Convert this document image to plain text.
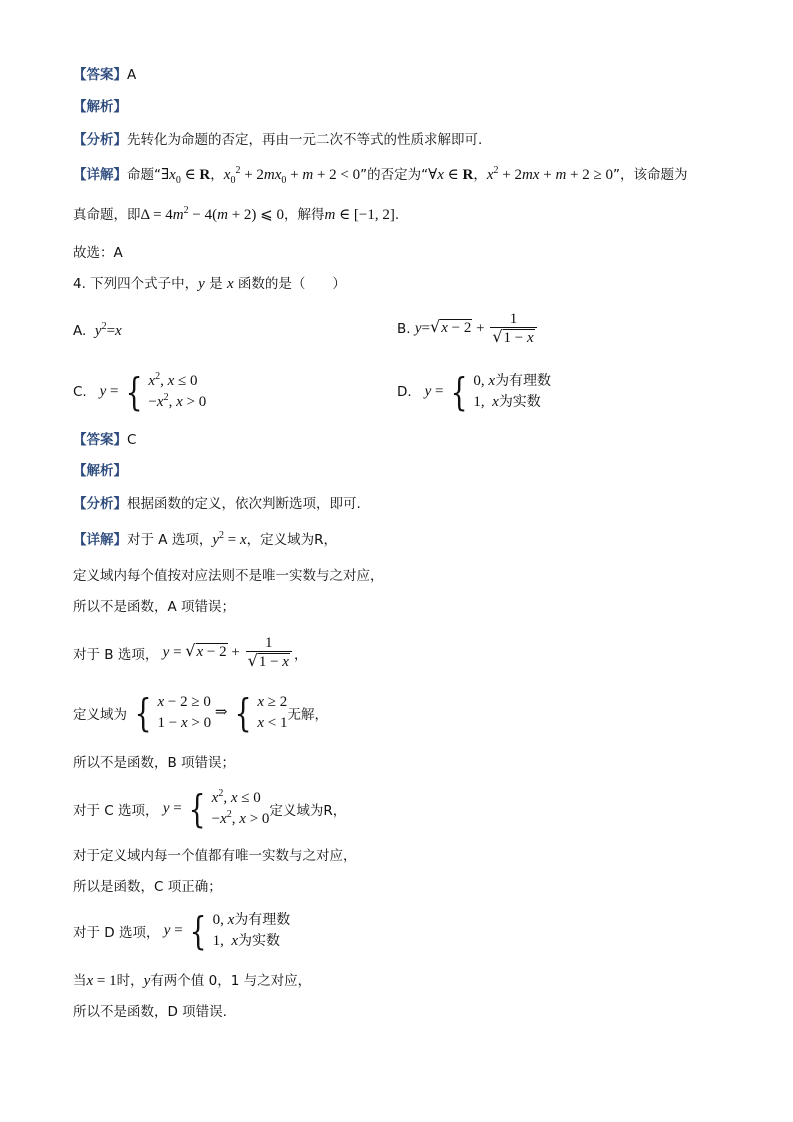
【答案】A
【解析】
【分析】先转化为命题的否定，再由一元二次不等式的性质求解即可.
【详解】命题“$\exists x_0$ ∈ R，$x_0^2 + 2mx_0 + m + 2 < 0$”的否定为“∀x ∈ R，$x^2 + 2mx + m + 2 \ge 0$”，该命题为
真命题，即$\Delta = 4m^2 - 4(m + 2)$ ⩽ 0，解得m ∈ [−1, 2].
故选：A
4. 下列四个式子中，y 是 x 函数的是（　　）
A. $y^2=x$	B. $y=√x - 2 + \frac{1}{√1 - x}$
C. y = { $x^2$, x ≤ 0
$-x^2$, x > 0
D. y = { 0, x为有理数
1,  x为实数
【答案】C
【解析】
【分析】根据函数的定义，依次判断选项，即可.
【详解】对于 A 选项，$y^2 = x$，定义域为R，
定义域内每个值按对应法则不是唯一实数与之对应，
所以不是函数，A 项错误；
对于 B 选项， $y = √x - 2 + \frac{1}{√1 - x}$ ，
定义域为 { x − 2 ≥ 0
1 − x > 0
⇒ { x ≥ 2
x < 1 无解，
所以不是函数，B 项错误；
对于 C 选项， y = { $x^2$, x ≤ 0
$-x^2$, x > 0 定义域为R，
对于定义域内每一个值都有唯一实数与之对应，
所以是函数，C 项正确；
对于 D 选项， y = { 0, x为有理数
1,  x为实数
当x = 1时，y有两个值 0，1 与之对应，
所以不是函数，D 项错误.
